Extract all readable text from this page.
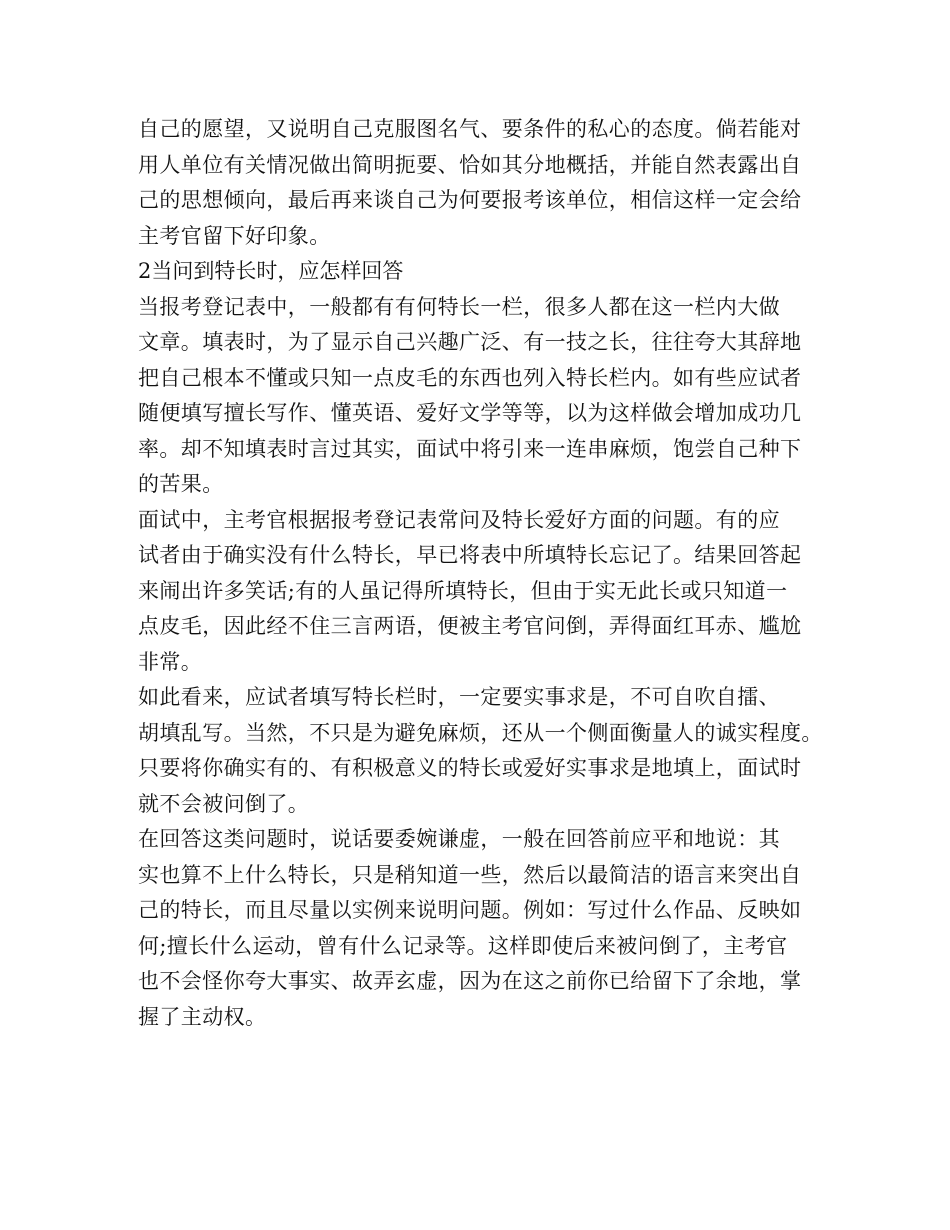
自己的愿望，又说明自己克服图名气、要条件的私心的态度。倘若能对
用人单位有关情况做出简明扼要、恰如其分地概括，并能自然表露出自
己的思想倾向，最后再来谈自己为何要报考该单位，相信这样一定会给
主考官留下好印象。
2当问到特长时，应怎样回答
当报考登记表中，一般都有有何特长一栏，很多人都在这一栏内大做
文章。填表时，为了显示自己兴趣广泛、有一技之长，往往夸大其辞地
把自己根本不懂或只知一点皮毛的东西也列入特长栏内。如有些应试者
随便填写擅长写作、懂英语、爱好文学等等，以为这样做会增加成功几
率。却不知填表时言过其实，面试中将引来一连串麻烦，饱尝自己种下
的苦果。
面试中，主考官根据报考登记表常问及特长爱好方面的问题。有的应
试者由于确实没有什么特长，早已将表中所填特长忘记了。结果回答起
来闹出许多笑话;有的人虽记得所填特长，但由于实无此长或只知道一
点皮毛，因此经不住三言两语，便被主考官问倒，弄得面红耳赤、尴尬
非常。
如此看来，应试者填写特长栏时，一定要实事求是，不可自吹自擂、
胡填乱写。当然，不只是为避免麻烦，还从一个侧面衡量人的诚实程度。
只要将你确实有的、有积极意义的特长或爱好实事求是地填上，面试时
就不会被问倒了。
在回答这类问题时，说话要委婉谦虚，一般在回答前应平和地说：其
实也算不上什么特长，只是稍知道一些，然后以最简洁的语言来突出自
己的特长，而且尽量以实例来说明问题。例如：写过什么作品、反映如
何;擅长什么运动，曾有什么记录等。这样即使后来被问倒了，主考官
也不会怪你夸大事实、故弄玄虚，因为在这之前你已给留下了余地，掌
握了主动权。
